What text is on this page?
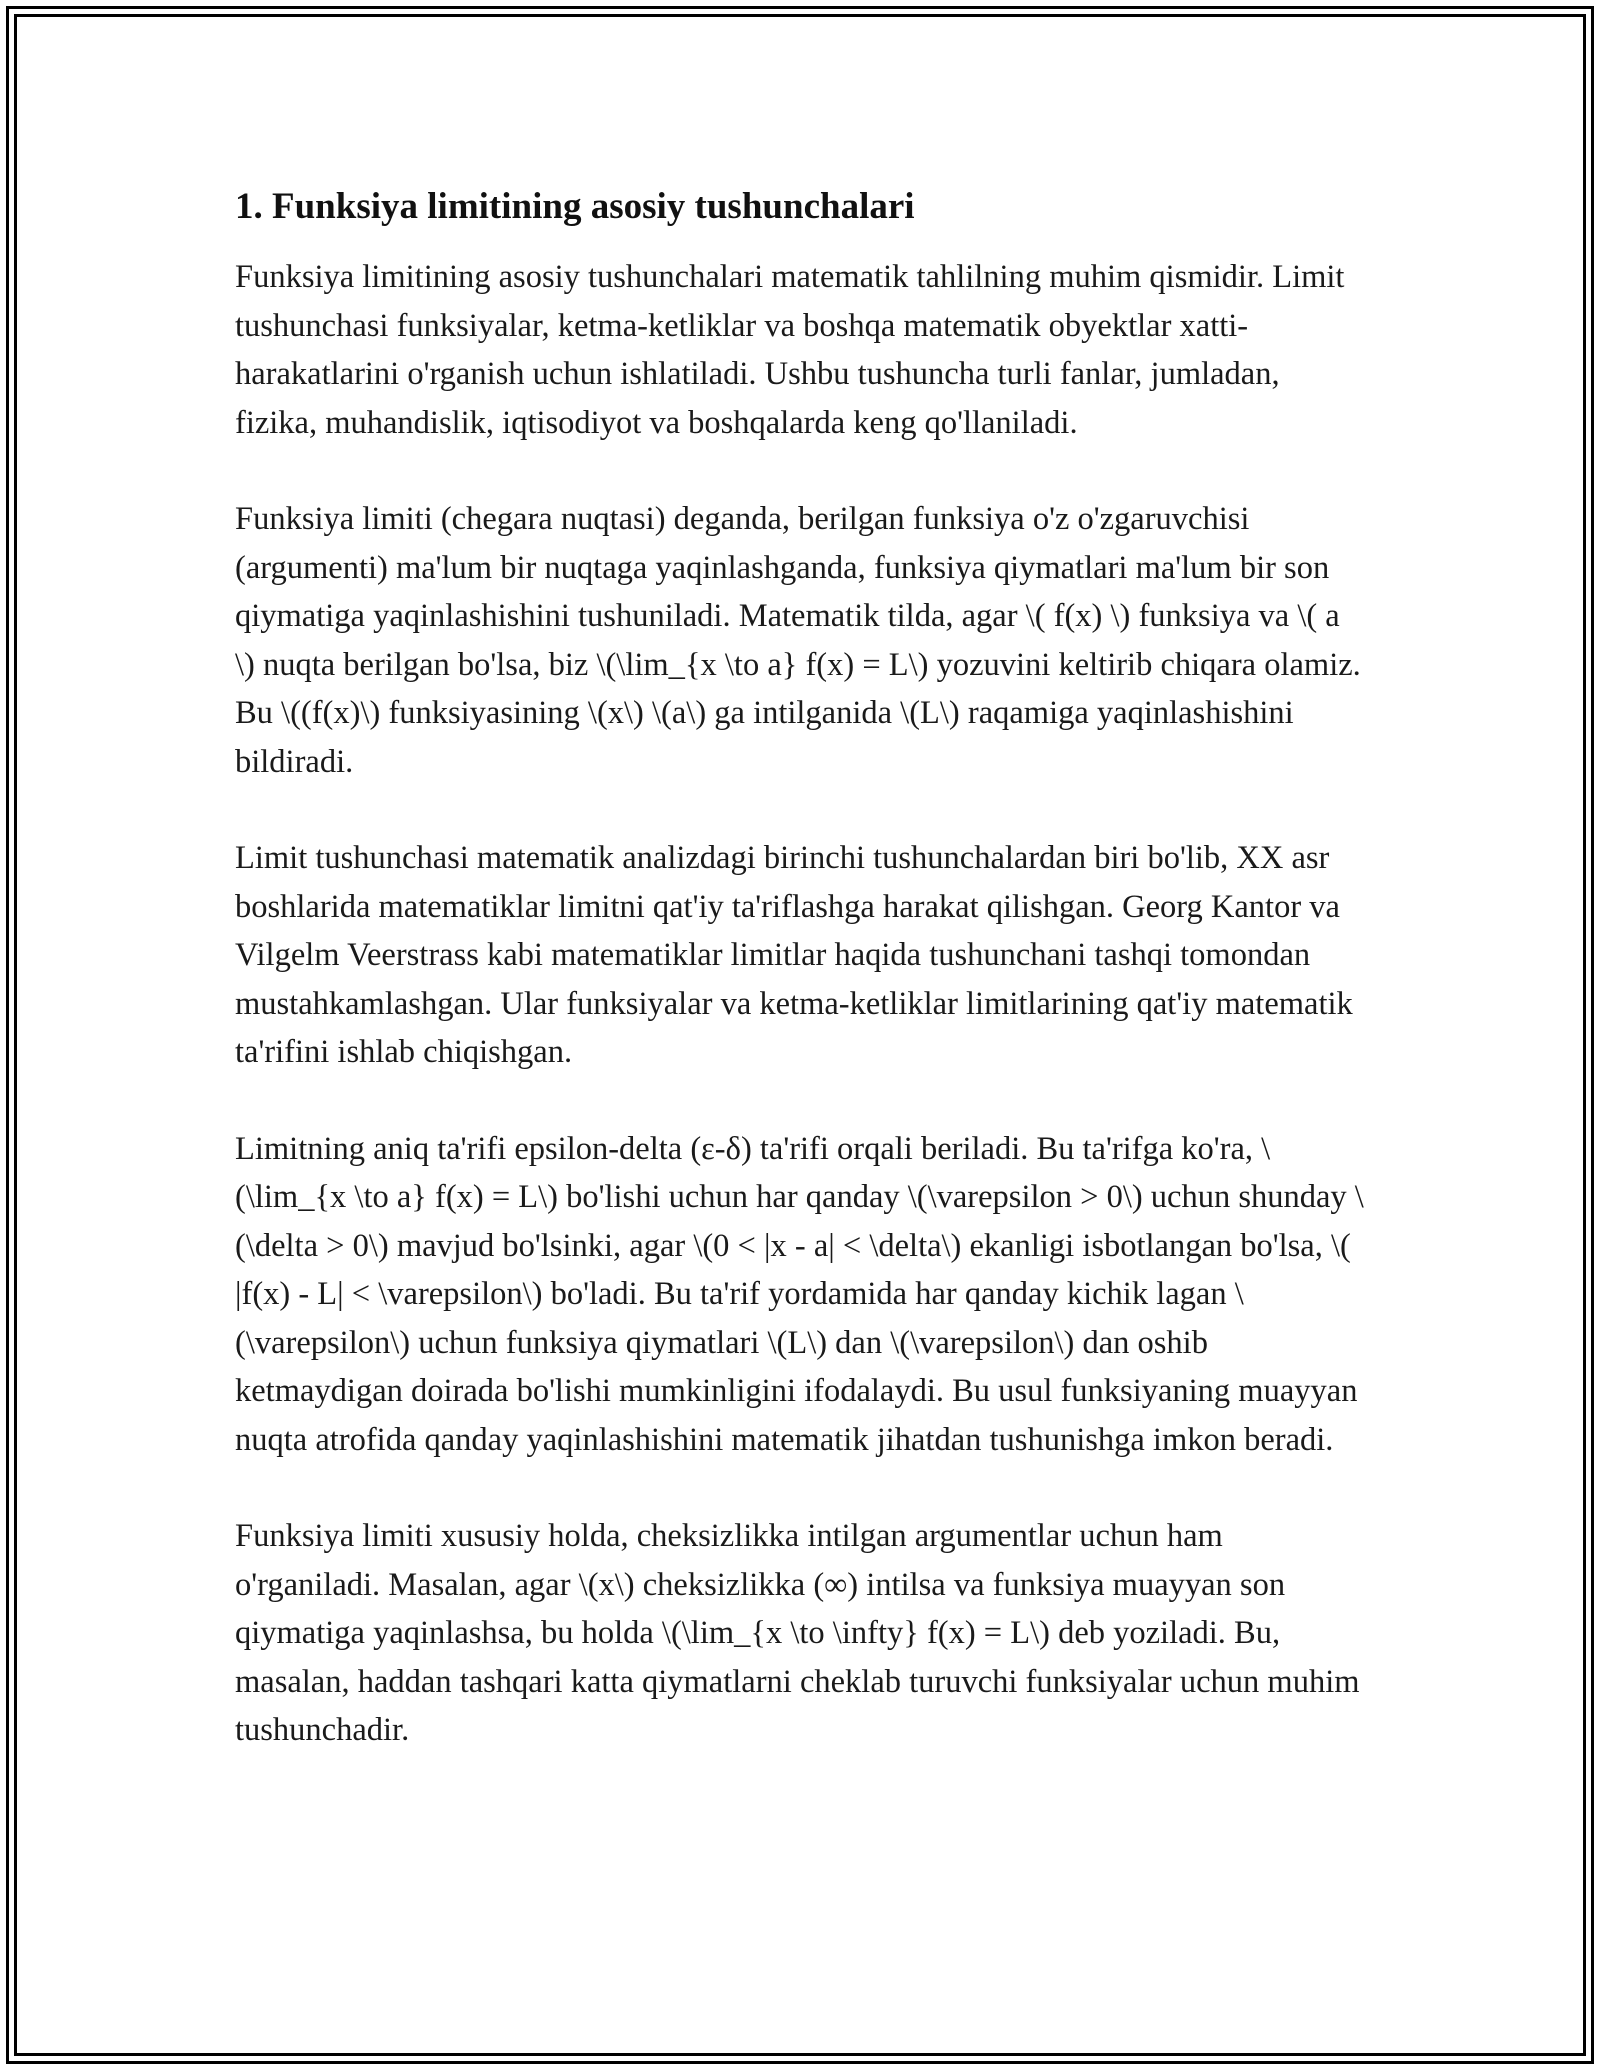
1. Funksiya limitining asosiy tushunchalari

Funksiya limitining asosiy tushunchalari matematik tahlilning muhim qismidir. Limit tushunchasi funksiyalar, ketma-ketliklar va boshqa matematik obyektlar xatti-harakatlarini o'rganish uchun ishlatiladi. Ushbu tushuncha turli fanlar, jumladan, fizika, muhandislik, iqtisodiyot va boshqalarda keng qo'llaniladi.

Funksiya limiti (chegara nuqtasi) deganda, berilgan funksiya o'z o'zgaruvchisi (argumenti) ma'lum bir nuqtaga yaqinlashganda, funksiya qiymatlari ma'lum bir son qiymatiga yaqinlashishini tushuniladi. Matematik tilda, agar \( f(x) \) funksiya va \( a \) nuqta berilgan bo'lsa, biz \(\lim_{x \to a} f(x) = L\) yozuvini keltirib chiqara olamiz. Bu \((f(x)\) funksiyasining \(x\) \(a\) ga intilganida \(L\) raqamiga yaqinlashishini bildiradi.

Limit tushunchasi matematik analizdagi birinchi tushunchalardan biri bo'lib, XX asr boshlarida matematiklar limitni qat'iy ta'riflashga harakat qilishgan. Georg Kantor va Vilgelm Veerstrass kabi matematiklar limitlar haqida tushunchani tashqi tomondan mustahkamlashgan. Ular funksiyalar va ketma-ketliklar limitlarining qat'iy matematik ta'rifini ishlab chiqishgan.

Limitning aniq ta'rifi epsilon-delta (ε-δ) ta'rifi orqali beriladi. Bu ta'rifga ko'ra, \(\lim_{x \to a} f(x) = L\) bo'lishi uchun har qanday \(\varepsilon > 0\) uchun shunday \(\delta > 0\) mavjud bo'lsinki, agar \(0 < |x - a| < \delta\) ekanligi isbotlangan bo'lsa, \( |f(x) - L| < \varepsilon\) bo'ladi. Bu ta'rif yordamida har qanday kichik lagan \(\varepsilon\) uchun funksiya qiymatlari \(L\) dan \(\varepsilon\) dan oshib ketmaydigan doirada bo'lishi mumkinligini ifodalaydi. Bu usul funksiyaning muayyan nuqta atrofida qanday yaqinlashishini matematik jihatdan tushunishga imkon beradi.

Funksiya limiti xususiy holda, cheksizlikka intilgan argumentlar uchun ham o'rganiladi. Masalan, agar \(x\) cheksizlikka (∞) intilsa va funksiya muayyan son qiymatiga yaqinlashsa, bu holda \(\lim_{x \to \infty} f(x) = L\) deb yoziladi. Bu, masalan, haddan tashqari katta qiymatlarni cheklab turuvchi funksiyalar uchun muhim tushunchadir.
